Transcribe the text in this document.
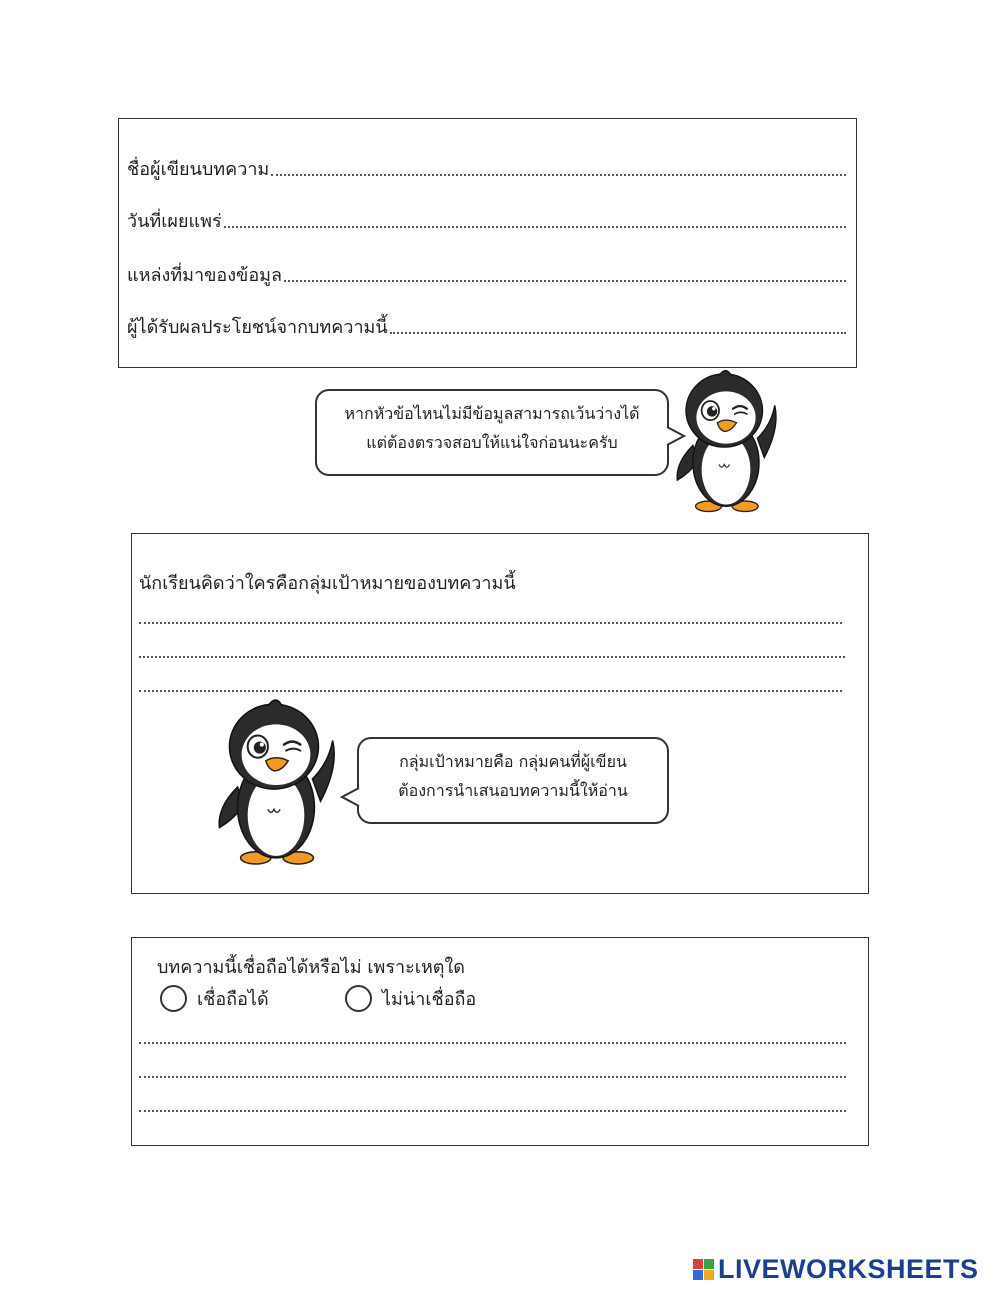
ชื่อผู้เขียนบทความ
วันที่เผยแพร่
แหล่งที่มาของข้อมูล
ผู้ได้รับผลประโยชน์จากบทความนี้
หากหัวข้อไหนไม่มีข้อมูลสามารถเว้นว่างได้
แต่ต้องตรวจสอบให้แน่ใจก่อนนะครับ
นักเรียนคิดว่าใครคือกลุ่มเป้าหมายของบทความนี้
กลุ่มเป้าหมายคือ กลุ่มคนที่ผู้เขียน
ต้องการนำเสนอบทความนี้ให้อ่าน
บทความนี้เชื่อถือได้หรือไม่ เพราะเหตุใด
เชื่อถือได้	ไม่น่าเชื่อถือ
LIVEWORKSHEETS
